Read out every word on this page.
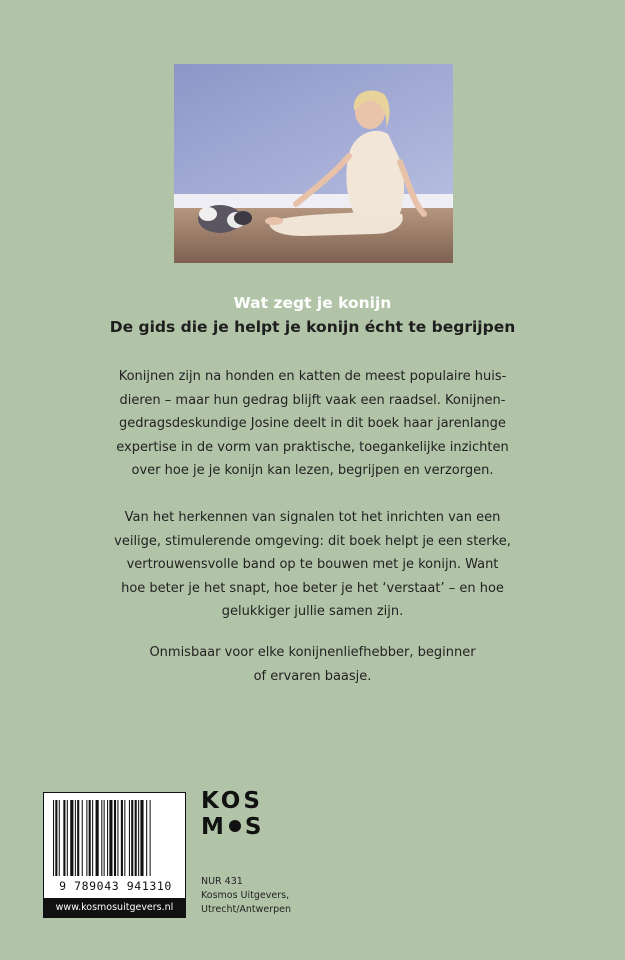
Wat zegt je konijn
De gids die je helpt je konijn écht te begrijpen

Konijnen zijn na honden en katten de meest populaire huis-
dieren – maar hun gedrag blijft vaak een raadsel. Konijnen-
gedragsdeskundige Josine deelt in dit boek haar jarenlange
expertise in de vorm van praktische, toegankelijke inzichten
over hoe je je konijn kan lezen, begrijpen en verzorgen.

Van het herkennen van signalen tot het inrichten van een
veilige, stimulerende omgeving: dit boek helpt je een sterke,
vertrouwensvolle band op te bouwen met je konijn. Want
hoe beter je het snapt, hoe beter je het ‘verstaat’ – en hoe
gelukkiger jullie samen zijn.

Onmisbaar voor elke konijnenliefhebber, beginner
of ervaren baasje.

9 789043 941310
www.kosmosuitgevers.nl
KOS
M S
NUR 431
Kosmos Uitgevers,
Utrecht/Antwerpen
